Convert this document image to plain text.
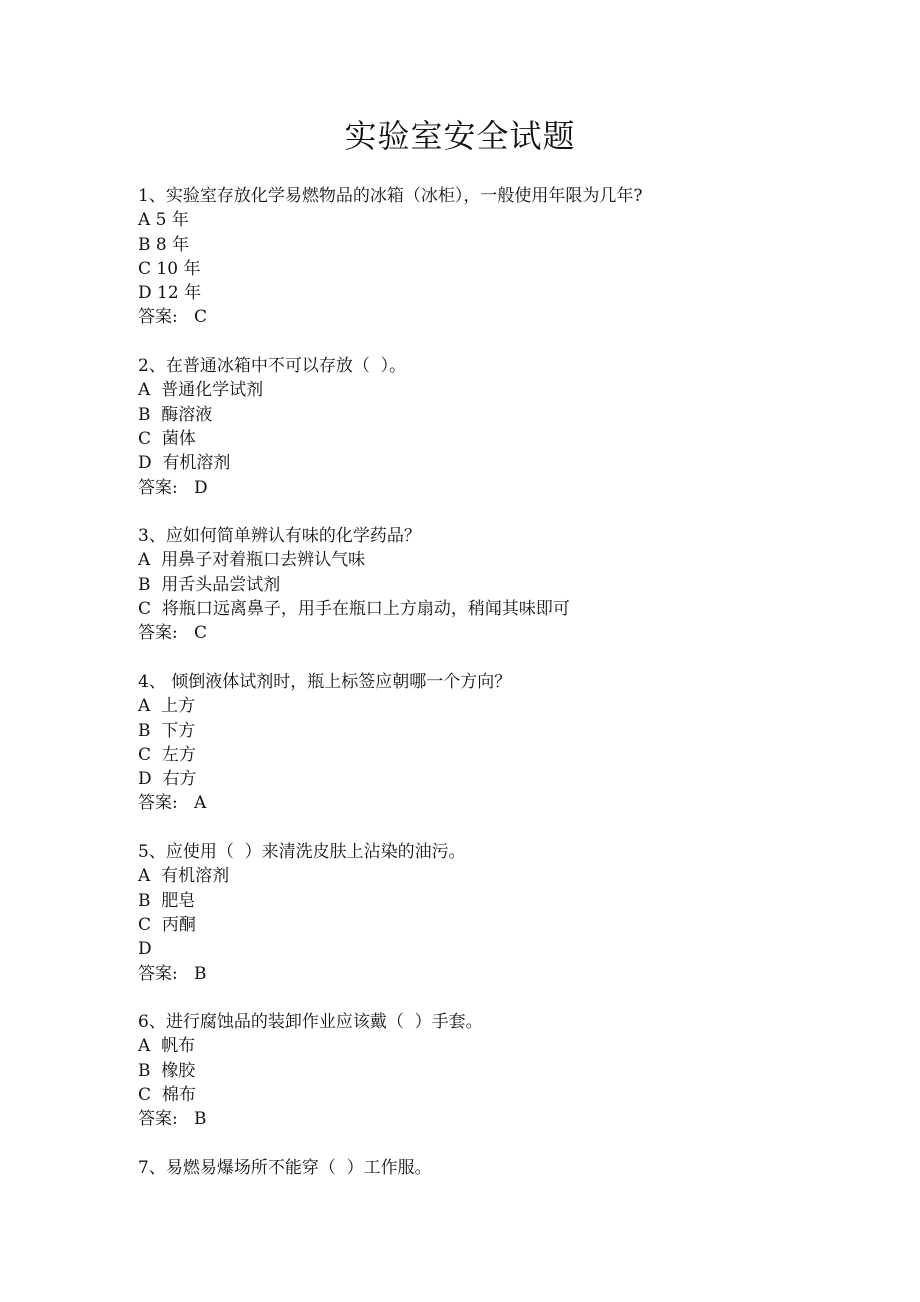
实验室安全试题
1、实验室存放化学易燃物品的冰箱（冰柜），一般使用年限为几年?
A 5 年
B 8 年
C 10 年
D 12 年
答案:   C
2、在普通冰箱中不可以存放（  ）。
A  普通化学试剂
B  酶溶液
C  菌体
D  有机溶剂
答案:   D
3、应如何简单辨认有味的化学药品？
A  用鼻子对着瓶口去辨认气味
B  用舌头品尝试剂
C  将瓶口远离鼻子，用手在瓶口上方扇动，稍闻其味即可
答案:   C
4、 倾倒液体试剂时，瓶上标签应朝哪一个方向？
A  上方
B  下方
C  左方
D  右方
答案:   A
5、应使用（  ）来清洗皮肤上沾染的油污。
A  有机溶剂
B  肥皂
C  丙酮
D
答案:   B
6、进行腐蚀品的装卸作业应该戴（  ）手套。
A  帆布
B  橡胶
C  棉布
答案:   B
7、易燃易爆场所不能穿（  ）工作服。
